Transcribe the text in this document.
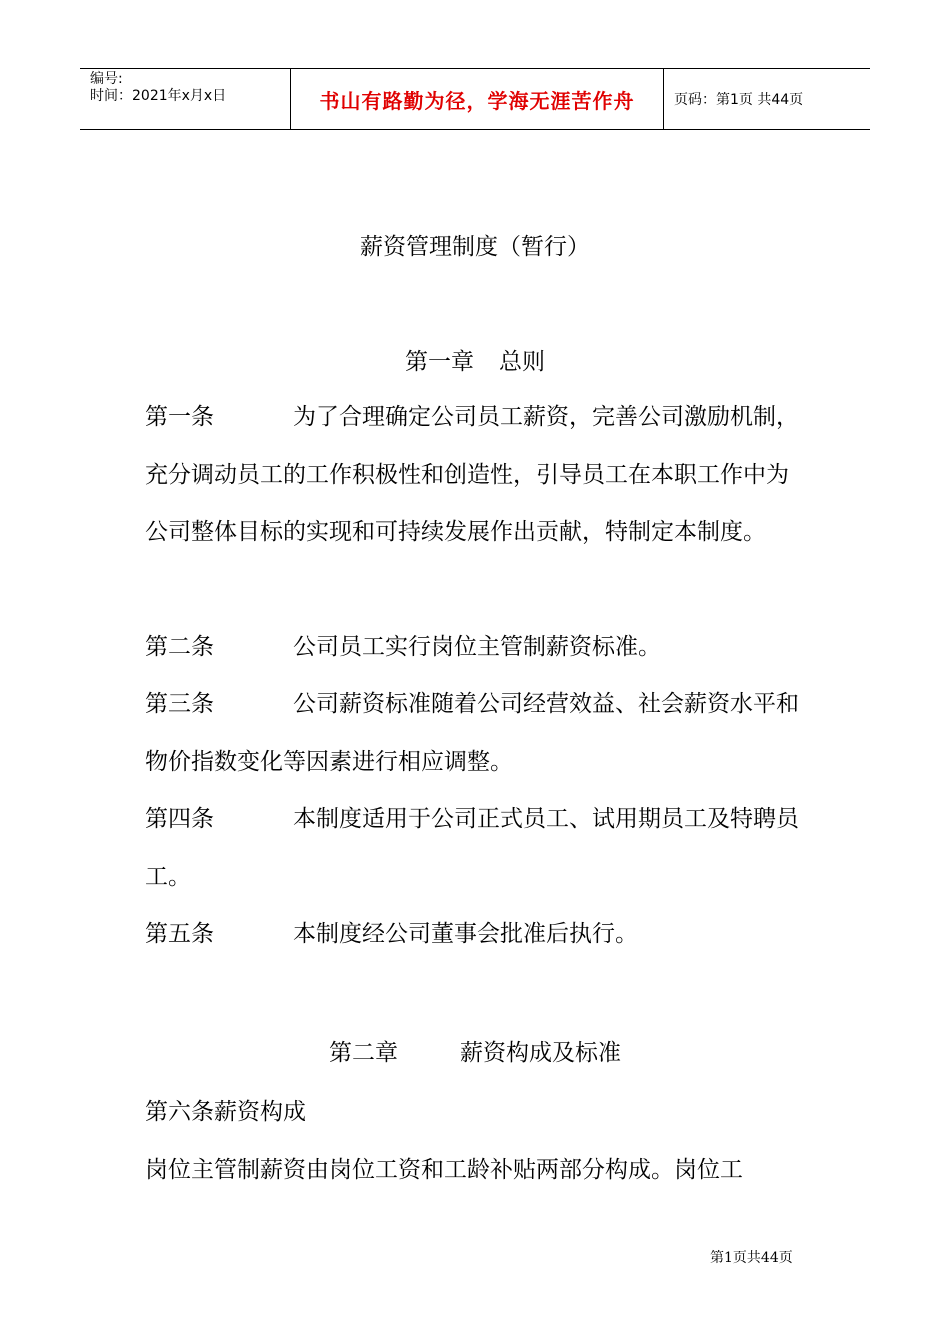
编号:
时间：2021年x月x日	书山有路勤为径，学海无涯苦作舟	页码：第1页 共44页
薪资管理制度（暂行）
第一章 总则
第一条	为了合理确定公司员工薪资，完善公司激励机制，充分调动员工的工作积极性和创造性，引导员工在本职工作中为公司整体目标的实现和可持续发展作出贡献，特制定本制度。
第二条	公司员工实行岗位主管制薪资标准。
第三条	公司薪资标准随着公司经营效益、社会薪资水平和物价指数变化等因素进行相应调整。
第四条	本制度适用于公司正式员工、试用期员工及特聘员工。
第五条	本制度经公司董事会批准后执行。
第二章	薪资构成及标准
第六条薪资构成
岗位主管制薪资由岗位工资和工龄补贴两部分构成。岗位工
第1页共44页
